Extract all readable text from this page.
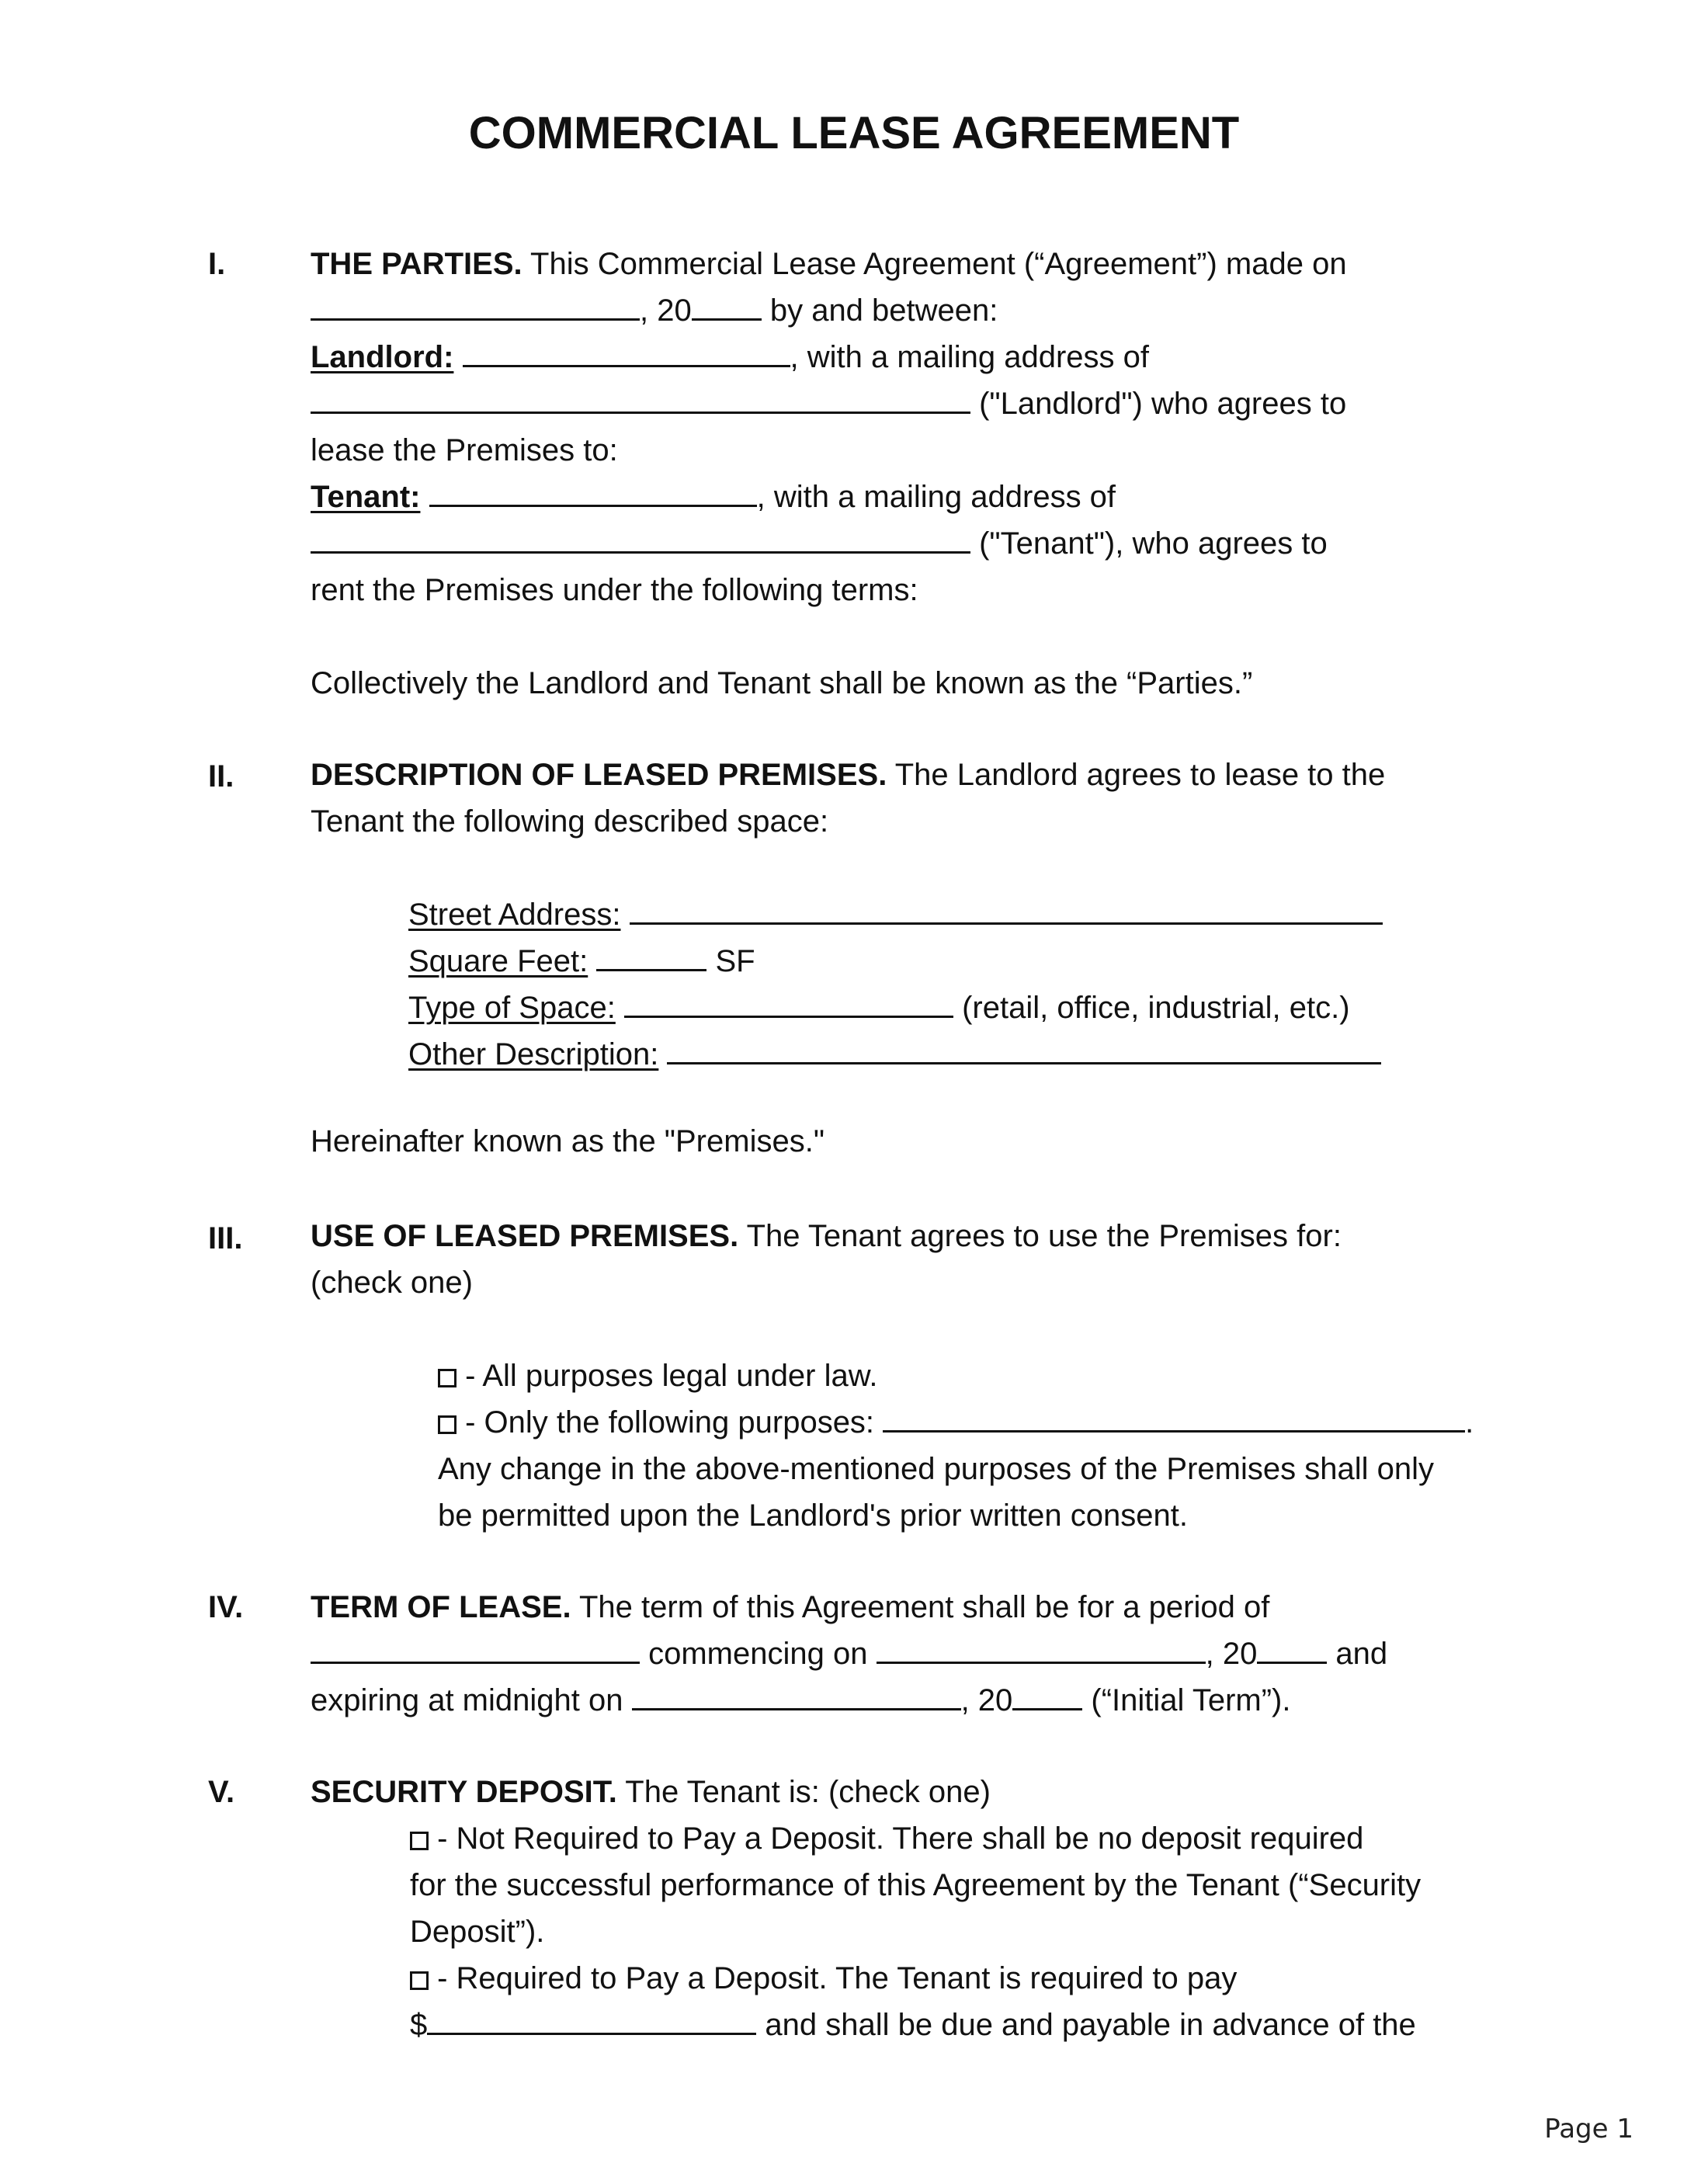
COMMERCIAL LEASE AGREEMENT
I.	THE PARTIES. This Commercial Lease Agreement (“Agreement”) made on
, 20 by and between:
Landlord:	, with a mailing address of
("Landlord") who agrees to
lease the Premises to:
Tenant:	, with a mailing address of
("Tenant"), who agrees to
rent the Premises under the following terms:
Collectively the Landlord and Tenant shall be known as the “Parties.”
II. DESCRIPTION OF LEASED PREMISES. The Landlord agrees to lease to the
Tenant the following described space:
Street Address:
Square Feet:	SF
Type of Space:	(retail, office, industrial, etc.)
Other Description:
Hereinafter known as the "Premises."
III. USE OF LEASED PREMISES. The Tenant agrees to use the Premises for:
(check one)
- All purposes legal under law.
- Only the following purposes:	.
Any change in the above-mentioned purposes of the Premises shall only
be permitted upon the Landlord's prior written consent.
IV. TERM OF LEASE. The term of this Agreement shall be for a period of
commencing on	, 20 and
expiring at midnight on	, 20 (“Initial Term”).
V. SECURITY DEPOSIT. The Tenant is: (check one)
- Not Required to Pay a Deposit. There shall be no deposit required
for the successful performance of this Agreement by the Tenant (“Security
Deposit”).
- Required to Pay a Deposit. The Tenant is required to pay
$	and shall be due and payable in advance of the
Page 1
